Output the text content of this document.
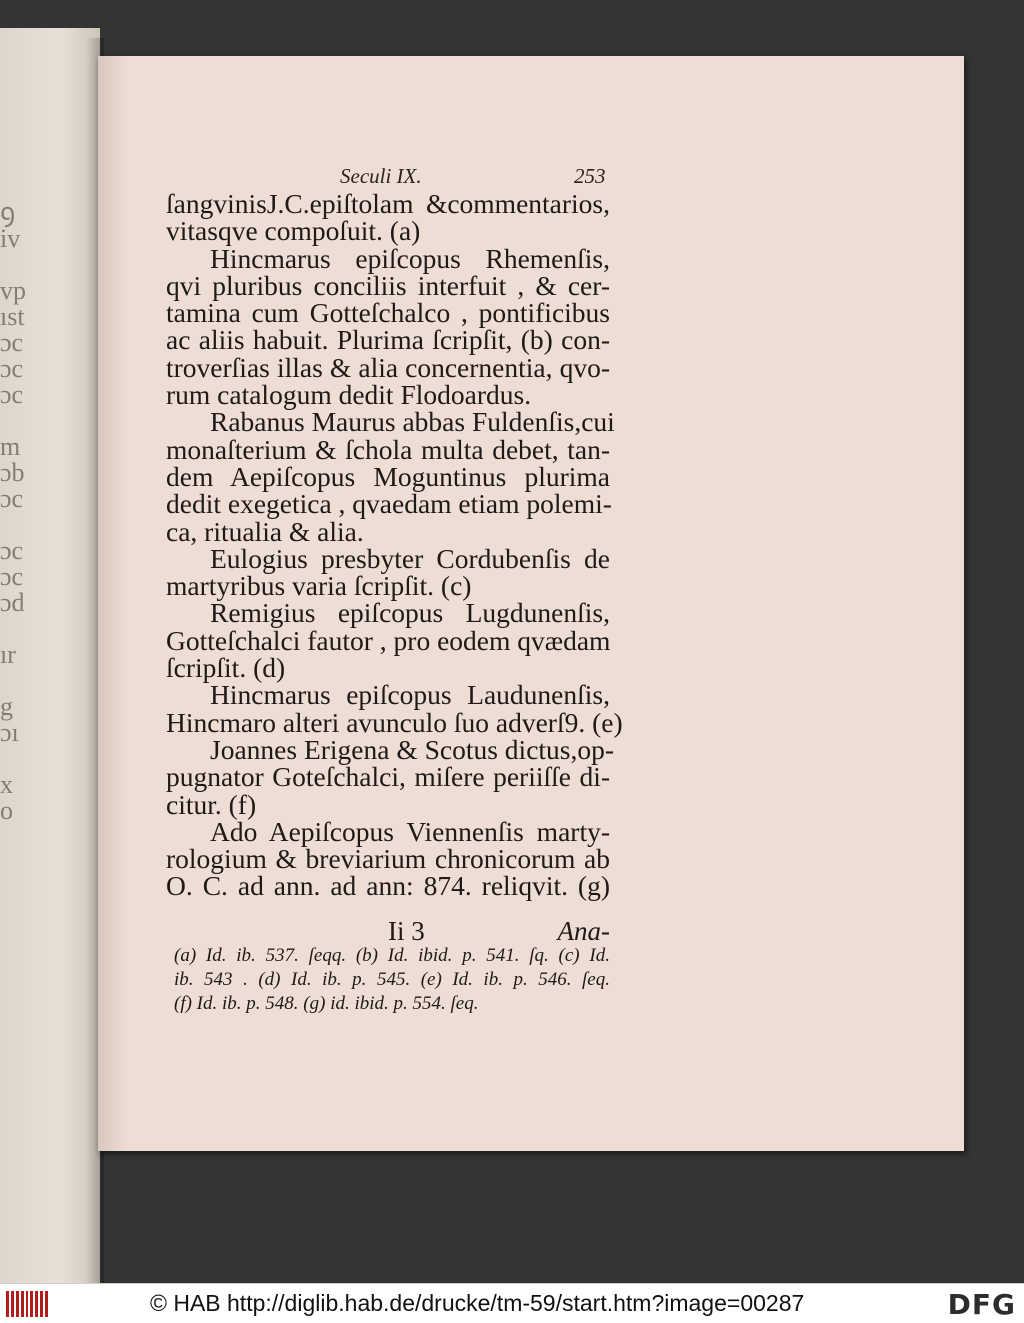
ꝯ
iv

vp
ıst
ɔc
ɔc
ɔc

m
ɔb
ɔc

ɔc
ɔc
ɔd

ır

g
ɔı

x
o
Seculi IX.	253
ſangvinisJ.C.epiſtolam &commentarios,
vitasqve compoſuit. (a)
Hincmarus epiſcopus Rhemenſis,
qvi pluribus conciliis interfuit , & cer-
tamina cum Gotteſchalco , pontificibus
ac aliis habuit. Plurima ſcripſit, (b) con-
troverſias illas & alia concernentia, qvo-
rum catalogum dedit Flodoardus.
Rabanus Maurus abbas Fuldenſis,cui
monaſterium & ſchola multa debet, tan-
dem Aepiſcopus Moguntinus plurima
dedit exegetica , qvaedam etiam polemi-
ca, ritualia & alia.
Eulogius presbyter Cordubenſis de
martyribus varia ſcripſit. (c)
Remigius epiſcopus Lugdunenſis,
Gotteſchalci fautor , pro eodem qvædam
ſcripſit. (d)
Hincmarus epiſcopus Laudunenſis,
Hincmaro alteri avunculo ſuo adverſ9. (e)
Joannes Erigena & Scotus dictus,op-
pugnator Goteſchalci, miſere periiſſe di-
citur. (f)
Ado Aepiſcopus Viennenſis marty-
rologium & breviarium chronicorum ab
O. C. ad ann. ad ann: 874. reliqvit. (g)
Ii 3	Ana-
(a) Id. ib. 537. ſeqq. (b) Id. ibid. p. 541. ſq. (c) Id.
ib. 543 . (d) Id. ib. p. 545. (e) Id. ib. p. 546. ſeq.
(f) Id. ib. p. 548. (g) id. ibid. p. 554. ſeq.
© HAB http://diglib.hab.de/drucke/tm-59/start.htm?image=00287	DFG
